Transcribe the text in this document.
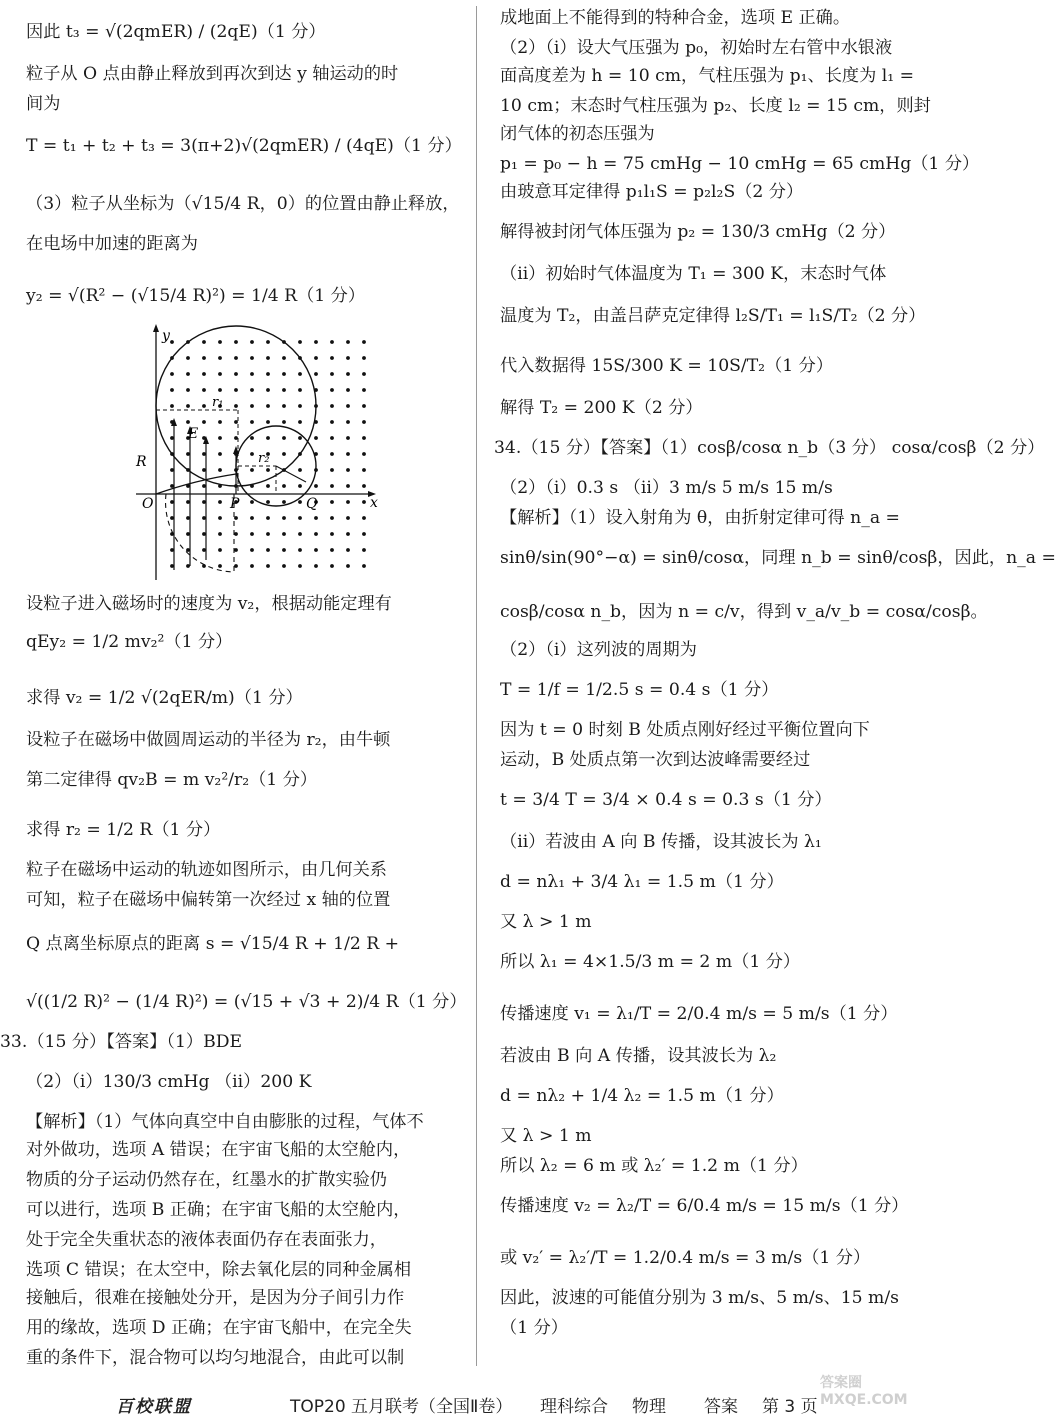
因此 t₃ = √(2qmER) / (2qE)（1 分）
粒子从 O 点由静止释放到再次到达 y 轴运动的时
间为
T = t₁ + t₂ + t₃ = 3(π+2)√(2qmER) / (4qE)（1 分）
（3）粒子从坐标为（√15/4 R，0）的位置由静止释放，
在电场中加速的距离为
y₂ = √(R² − (√15/4 R)²) = 1/4 R（1 分）
y
x
O	P	Q
R
E
r₁
r₂
设粒子进入磁场时的速度为 v₂，根据动能定理有
qEy₂ = 1/2 mv₂²（1 分）
求得 v₂ = 1/2 √(2qER/m)（1 分）
设粒子在磁场中做圆周运动的半径为 r₂，由牛顿
第二定律得 qv₂B = m v₂²/r₂（1 分）
求得 r₂ = 1/2 R（1 分）
粒子在磁场中运动的轨迹如图所示，由几何关系
可知，粒子在磁场中偏转第一次经过 x 轴的位置
Q 点离坐标原点的距离 s = √15/4 R + 1/2 R +
√((1/2 R)² − (1/4 R)²) = (√15 + √3 + 2)/4 R（1 分）
33.（15 分）【答案】（1）BDE
（2）（ⅰ）130/3 cmHg （ⅱ）200 K
【解析】（1）气体向真空中自由膨胀的过程，气体不
对外做功，选项 A 错误；在宇宙飞船的太空舱内，
物质的分子运动仍然存在，红墨水的扩散实验仍
可以进行，选项 B 正确；在宇宙飞船的太空舱内，
处于完全失重状态的液体表面仍存在表面张力，
选项 C 错误；在太空中，除去氧化层的同种金属相
接触后，很难在接触处分开，是因为分子间引力作
用的缘故，选项 D 正确；在宇宙飞船中，在完全失
重的条件下，混合物可以均匀地混合，由此可以制
成地面上不能得到的特种合金，选项 E 正确。
（2）（ⅰ）设大气压强为 p₀，初始时左右管中水银液
面高度差为 h = 10 cm，气柱压强为 p₁、长度为 l₁ =
10 cm；末态时气柱压强为 p₂、长度 l₂ = 15 cm，则封
闭气体的初态压强为
p₁ = p₀ − h = 75 cmHg − 10 cmHg = 65 cmHg（1 分）
由玻意耳定律得 p₁l₁S = p₂l₂S（2 分）
解得被封闭气体压强为 p₂ = 130/3 cmHg（2 分）
（ⅱ）初始时气体温度为 T₁ = 300 K，末态时气体
温度为 T₂，由盖吕萨克定律得 l₂S/T₁ = l₁S/T₂（2 分）
代入数据得 15S/300 K = 10S/T₂（1 分）
解得 T₂ = 200 K（2 分）
34.（15 分）【答案】（1）cosβ/cosα n_b（3 分） cosα/cosβ（2 分）
（2）（ⅰ）0.3 s （ⅱ）3 m/s 5 m/s 15 m/s
【解析】（1）设入射角为 θ，由折射定律可得 n_a =
sinθ/sin(90°−α) = sinθ/cosα，同理 n_b = sinθ/cosβ，因此，n_a =
cosβ/cosα n_b，因为 n = c/v，得到 v_a/v_b = cosα/cosβ。
（2）（ⅰ）这列波的周期为
T = 1/f = 1/2.5 s = 0.4 s（1 分）
因为 t = 0 时刻 B 处质点刚好经过平衡位置向下
运动，B 处质点第一次到达波峰需要经过
t = 3/4 T = 3/4 × 0.4 s = 0.3 s（1 分）
（ⅱ）若波由 A 向 B 传播，设其波长为 λ₁
d = nλ₁ + 3/4 λ₁ = 1.5 m（1 分）
又 λ > 1 m
所以 λ₁ = 4×1.5/3 m = 2 m（1 分）
传播速度 v₁ = λ₁/T = 2/0.4 m/s = 5 m/s（1 分）
若波由 B 向 A 传播，设其波长为 λ₂
d = nλ₂ + 1/4 λ₂ = 1.5 m（1 分）
又 λ > 1 m
所以 λ₂ = 6 m 或 λ₂′ = 1.2 m（1 分）
传播速度 v₂ = λ₂/T = 6/0.4 m/s = 15 m/s（1 分）
或 v₂′ = λ₂′/T = 1.2/0.4 m/s = 3 m/s（1 分）
因此，波速的可能值分别为 3 m/s、5 m/s、15 m/s
（1 分）
百校联盟	TOP20 五月联考（全国Ⅱ卷） 理科综合 物理 答案 第 3 页
答案圈 MXQE.COM
